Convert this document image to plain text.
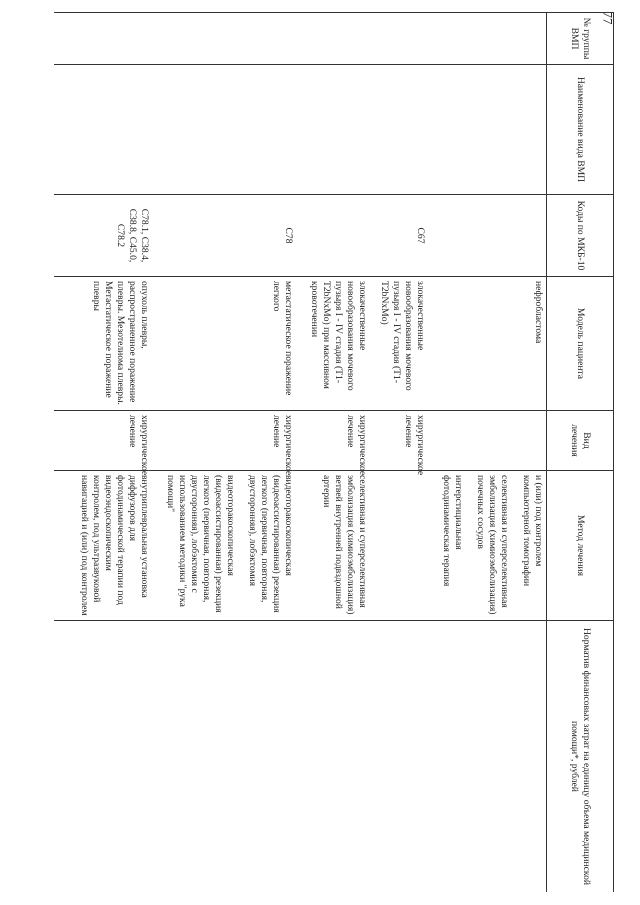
77
№ группы ВМП	Наименование вида ВМП	Коды по МКБ-10	Модель пациента	Вид лечения	Метод лечения	Норматив финансовых затрат на единицу объема медицинской помощи*, рублей
			нефробластома		и (или) под контролем компьютерной томографии
селективная и суперселективная эмболизация (химиоэмболизация) почечных сосудов
интерстициальная фотодинамическая терапия	

		С67	злокачественные новообразования мочевого пузыря I - IV стадия (Т1-Т2bNxMo)	хирургическое лечение		
			злокачественные новообразования мочевого пузыря I - IV стадия (Т1-Т2bNxMo) при массивном кровотечении	хирургическое лечение	селективная и суперселективная эмболизация (химиоэмболизация) ветвей внутренней подвздошной артерии	

		С78	метастатическое поражение легкого	хирургическое лечение	видеоторакоскопическая (видеоассистированная) резекция легкого (первичная, повторная, двусторонняя), лобэктомия
видеоторакоскопическая (видеоассистированная) резекция легкого (первичная, повторная, двусторонняя), лобэктомия с использованием методики "рука помощи"	

		С78.1, С38.4, С38.8, С45.0, С78.2	опухоль плевры, распространенное поражение плевры. Мезотелиома плевры. Метастатическое поражение плевры	хирургическое лечение	внутриплевральная установка диффузоров для фотодинамической терапии под видеоэндоскопическим контролем, под ультразвуковой навигацией и (или) под контролем	
